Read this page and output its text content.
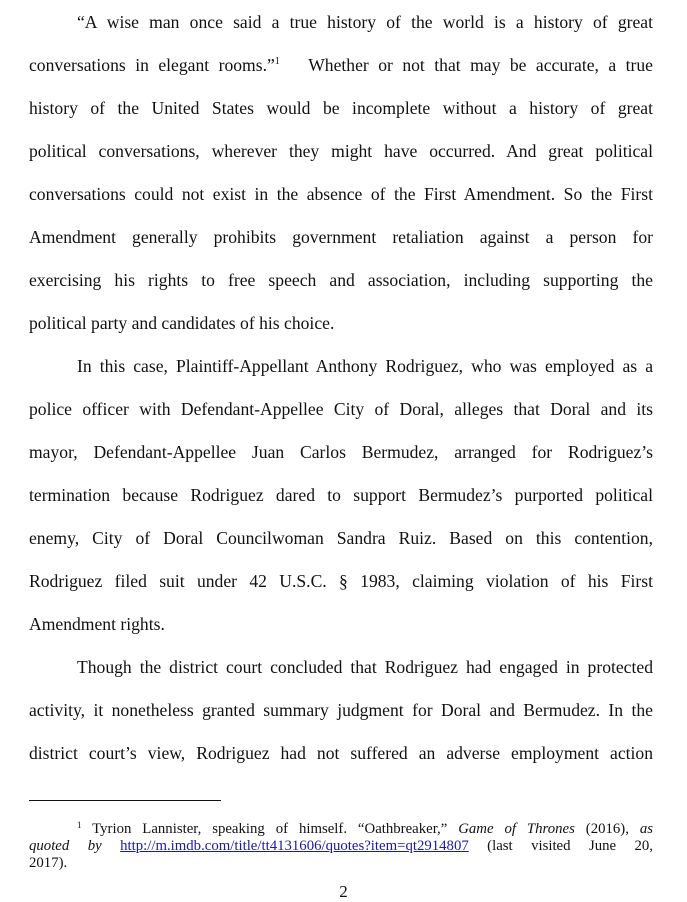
“A wise man once said a true history of the world is a history of great
conversations in elegant rooms.”$^1$ Whether or not that may be accurate, a true
history of the United States would be incomplete without a history of great
political conversations, wherever they might have occurred. And great political
conversations could not exist in the absence of the First Amendment. So the First
Amendment generally prohibits government retaliation against a person for
exercising his rights to free speech and association, including supporting the
political party and candidates of his choice.
In this case, Plaintiff-Appellant Anthony Rodriguez, who was employed as a
police officer with Defendant-Appellee City of Doral, alleges that Doral and its
mayor, Defendant-Appellee Juan Carlos Bermudez, arranged for Rodriguez’s
termination because Rodriguez dared to support Bermudez’s purported political
enemy, City of Doral Councilwoman Sandra Ruiz. Based on this contention,
Rodriguez filed suit under 42 U.S.C. § 1983, claiming violation of his First
Amendment rights.
Though the district court concluded that Rodriguez had engaged in protected
activity, it nonetheless granted summary judgment for Doral and Bermudez. In the
district court’s view, Rodriguez had not suffered an adverse employment action
$^1$ Tyrion Lannister, speaking of himself. “Oathbreaker,” Game of Thrones (2016), as
quoted by http://m.imdb.com/title/tt4131606/quotes?item=qt2914807 (last visited June 20,
2017).
2
